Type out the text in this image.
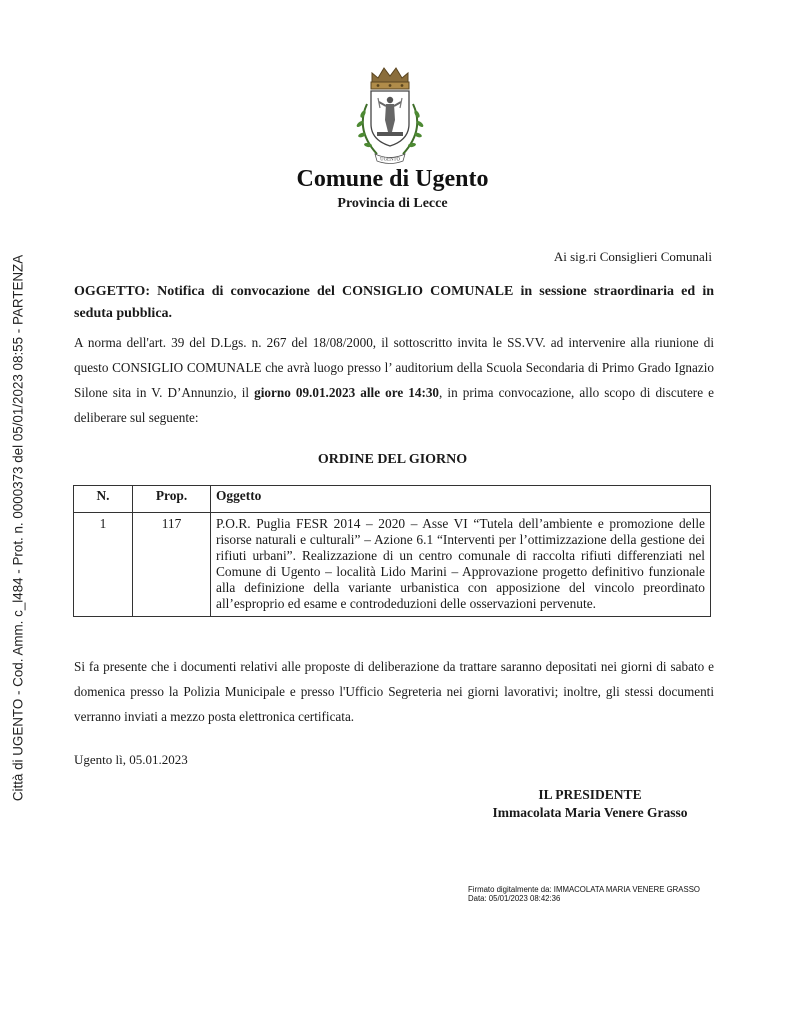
Città di UGENTO - Cod. Amm. c_l484 - Prot. n. 0000373 del 05/01/2023 08:55 - PARTENZA
UGENTO
Comune di Ugento
Provincia di Lecce
Ai sig.ri Consiglieri Comunali
OGGETTO: Notifica di convocazione del CONSIGLIO COMUNALE in sessione straordinaria ed in seduta pubblica.
A norma dell'art. 39 del D.Lgs. n. 267 del 18/08/2000, il sottoscritto invita le SS.VV. ad intervenire alla riunione di questo CONSIGLIO COMUNALE che avrà luogo presso l’ auditorium della Scuola Secondaria di Primo Grado Ignazio Silone sita in V. D’Annunzio, il giorno 09.01.2023 alle ore 14:30, in prima convocazione, allo scopo di discutere e deliberare sul seguente:
ORDINE DEL GIORNO
N.	Prop.	Oggetto
1	117	P.O.R. Puglia FESR 2014 – 2020 – Asse VI “Tutela dell’ambiente e promozione delle risorse naturali e culturali” – Azione 6.1 “Interventi per l’ottimizzazione della gestione dei rifiuti urbani”. Realizzazione di un centro comunale di raccolta rifiuti differenziati nel Comune di Ugento – località Lido Marini – Approvazione progetto definitivo funzionale alla definizione della variante urbanistica con apposizione del vincolo preordinato all’esproprio ed esame e controdeduzioni delle osservazioni pervenute.
Si fa presente che i documenti relativi alle proposte di deliberazione da trattare saranno depositati nei giorni di sabato e domenica presso la Polizia Municipale e presso l'Ufficio Segreteria nei giorni lavorativi; inoltre, gli stessi documenti verranno inviati a mezzo posta elettronica certificata.
Ugento lì, 05.01.2023
IL PRESIDENTE
Immacolata Maria Venere Grasso
Firmato digitalmente da: IMMACOLATA MARIA VENERE GRASSO
Data: 05/01/2023 08:42:36
